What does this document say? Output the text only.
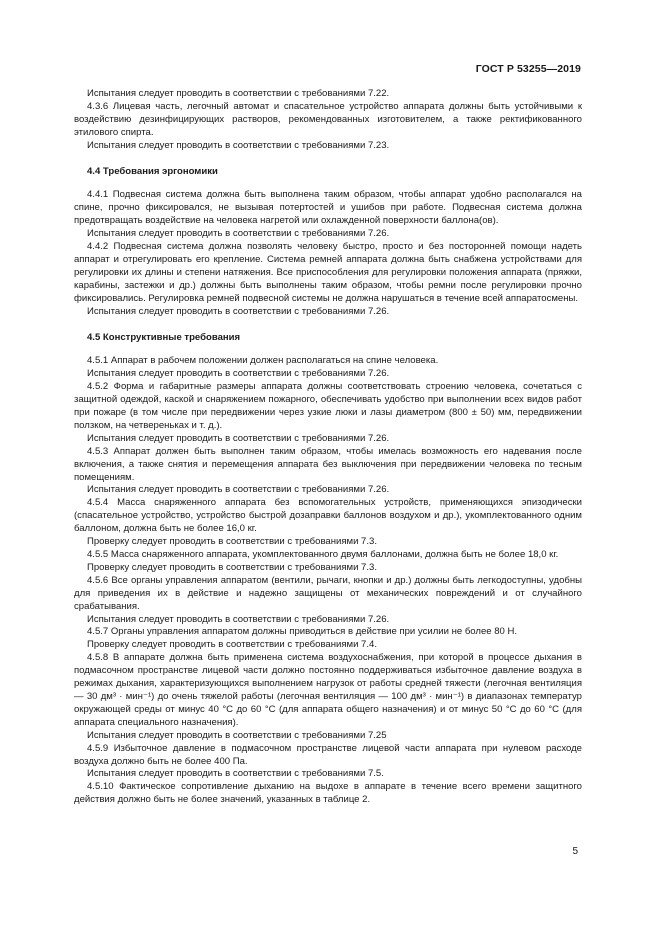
ГОСТ Р 53255—2019

Испытания следует проводить в соответствии с требованиями 7.22.

4.3.6 Лицевая часть, легочный автомат и спасательное устройство аппарата должны быть устойчивыми к воздействию дезинфицирующих растворов, рекомендованных изготовителем, а также ректификованного этилового спирта.

Испытания следует проводить в соответствии с требованиями 7.23.

4.4 Требования эргономики

4.4.1 Подвесная система должна быть выполнена таким образом, чтобы аппарат удобно располагался на спине, прочно фиксировался, не вызывая потертостей и ушибов при работе. Подвесная система должна предотвращать воздействие на человека нагретой или охлажденной поверхности баллона(ов).

Испытания следует проводить в соответствии с требованиями 7.26.

4.4.2 Подвесная система должна позволять человеку быстро, просто и без посторонней помощи надеть аппарат и отрегулировать его крепление. Система ремней аппарата должна быть снабжена устройствами для регулировки их длины и степени натяжения. Все приспособления для регулировки положения аппарата (пряжки, карабины, застежки и др.) должны быть выполнены таким образом, чтобы ремни после регулировки прочно фиксировались. Регулировка ремней подвесной системы не должна нарушаться в течение всей аппаратосмены.

Испытания следует проводить в соответствии с требованиями 7.26.

4.5 Конструктивные требования

4.5.1 Аппарат в рабочем положении должен располагаться на спине человека.

Испытания следует проводить в соответствии с требованиями 7.26.

4.5.2 Форма и габаритные размеры аппарата должны соответствовать строению человека, сочетаться с защитной одеждой, каской и снаряжением пожарного, обеспечивать удобство при выполнении всех видов работ при пожаре (в том числе при передвижении через узкие люки и лазы диаметром (800 ± 50) мм, передвижении ползком, на четвереньках и т. д.).

Испытания следует проводить в соответствии с требованиями 7.26.

4.5.3 Аппарат должен быть выполнен таким образом, чтобы имелась возможность его надевания после включения, а также снятия и перемещения аппарата без выключения при передвижении человека по тесным помещениям.

Испытания следует проводить в соответствии с требованиями 7.26.

4.5.4 Масса снаряженного аппарата без вспомогательных устройств, применяющихся эпизодически (спасательное устройство, устройство быстрой дозаправки баллонов воздухом и др.), укомплектованного одним баллоном, должна быть не более 16,0 кг.

Проверку следует проводить в соответствии с требованиями 7.3.

4.5.5 Масса снаряженного аппарата, укомплектованного двумя баллонами, должна быть не более 18,0 кг.

Проверку следует проводить в соответствии с требованиями 7.3.

4.5.6 Все органы управления аппаратом (вентили, рычаги, кнопки и др.) должны быть легкодоступны, удобны для приведения их в действие и надежно защищены от механических повреждений и от случайного срабатывания.

Испытания следует проводить в соответствии с требованиями 7.26.

4.5.7 Органы управления аппаратом должны приводиться в действие при усилии не более 80 Н.

Проверку следует проводить в соответствии с требованиями 7.4.

4.5.8 В аппарате должна быть применена система воздухоснабжения, при которой в процессе дыхания в подмасочном пространстве лицевой части должно постоянно поддерживаться избыточное давление воздуха в режимах дыхания, характеризующихся выполнением нагрузок от работы средней тяжести (легочная вентиляция — 30 дм³ · мин⁻¹) до очень тяжелой работы (легочная вентиляция — 100 дм³ · мин⁻¹) в диапазонах температур окружающей среды от минус 40 °C до 60 °C (для аппарата общего назначения) и от минус 50 °C до 60 °C (для аппарата специального назначения).

Испытания следует проводить в соответствии с требованиями 7.25

4.5.9 Избыточное давление в подмасочном пространстве лицевой части аппарата при нулевом расходе воздуха должно быть не более 400 Па.

Испытания следует проводить в соответствии с требованиями 7.5.

4.5.10 Фактическое сопротивление дыханию на выдохе в аппарате в течение всего времени защитного действия должно быть не более значений, указанных в таблице 2.

5
